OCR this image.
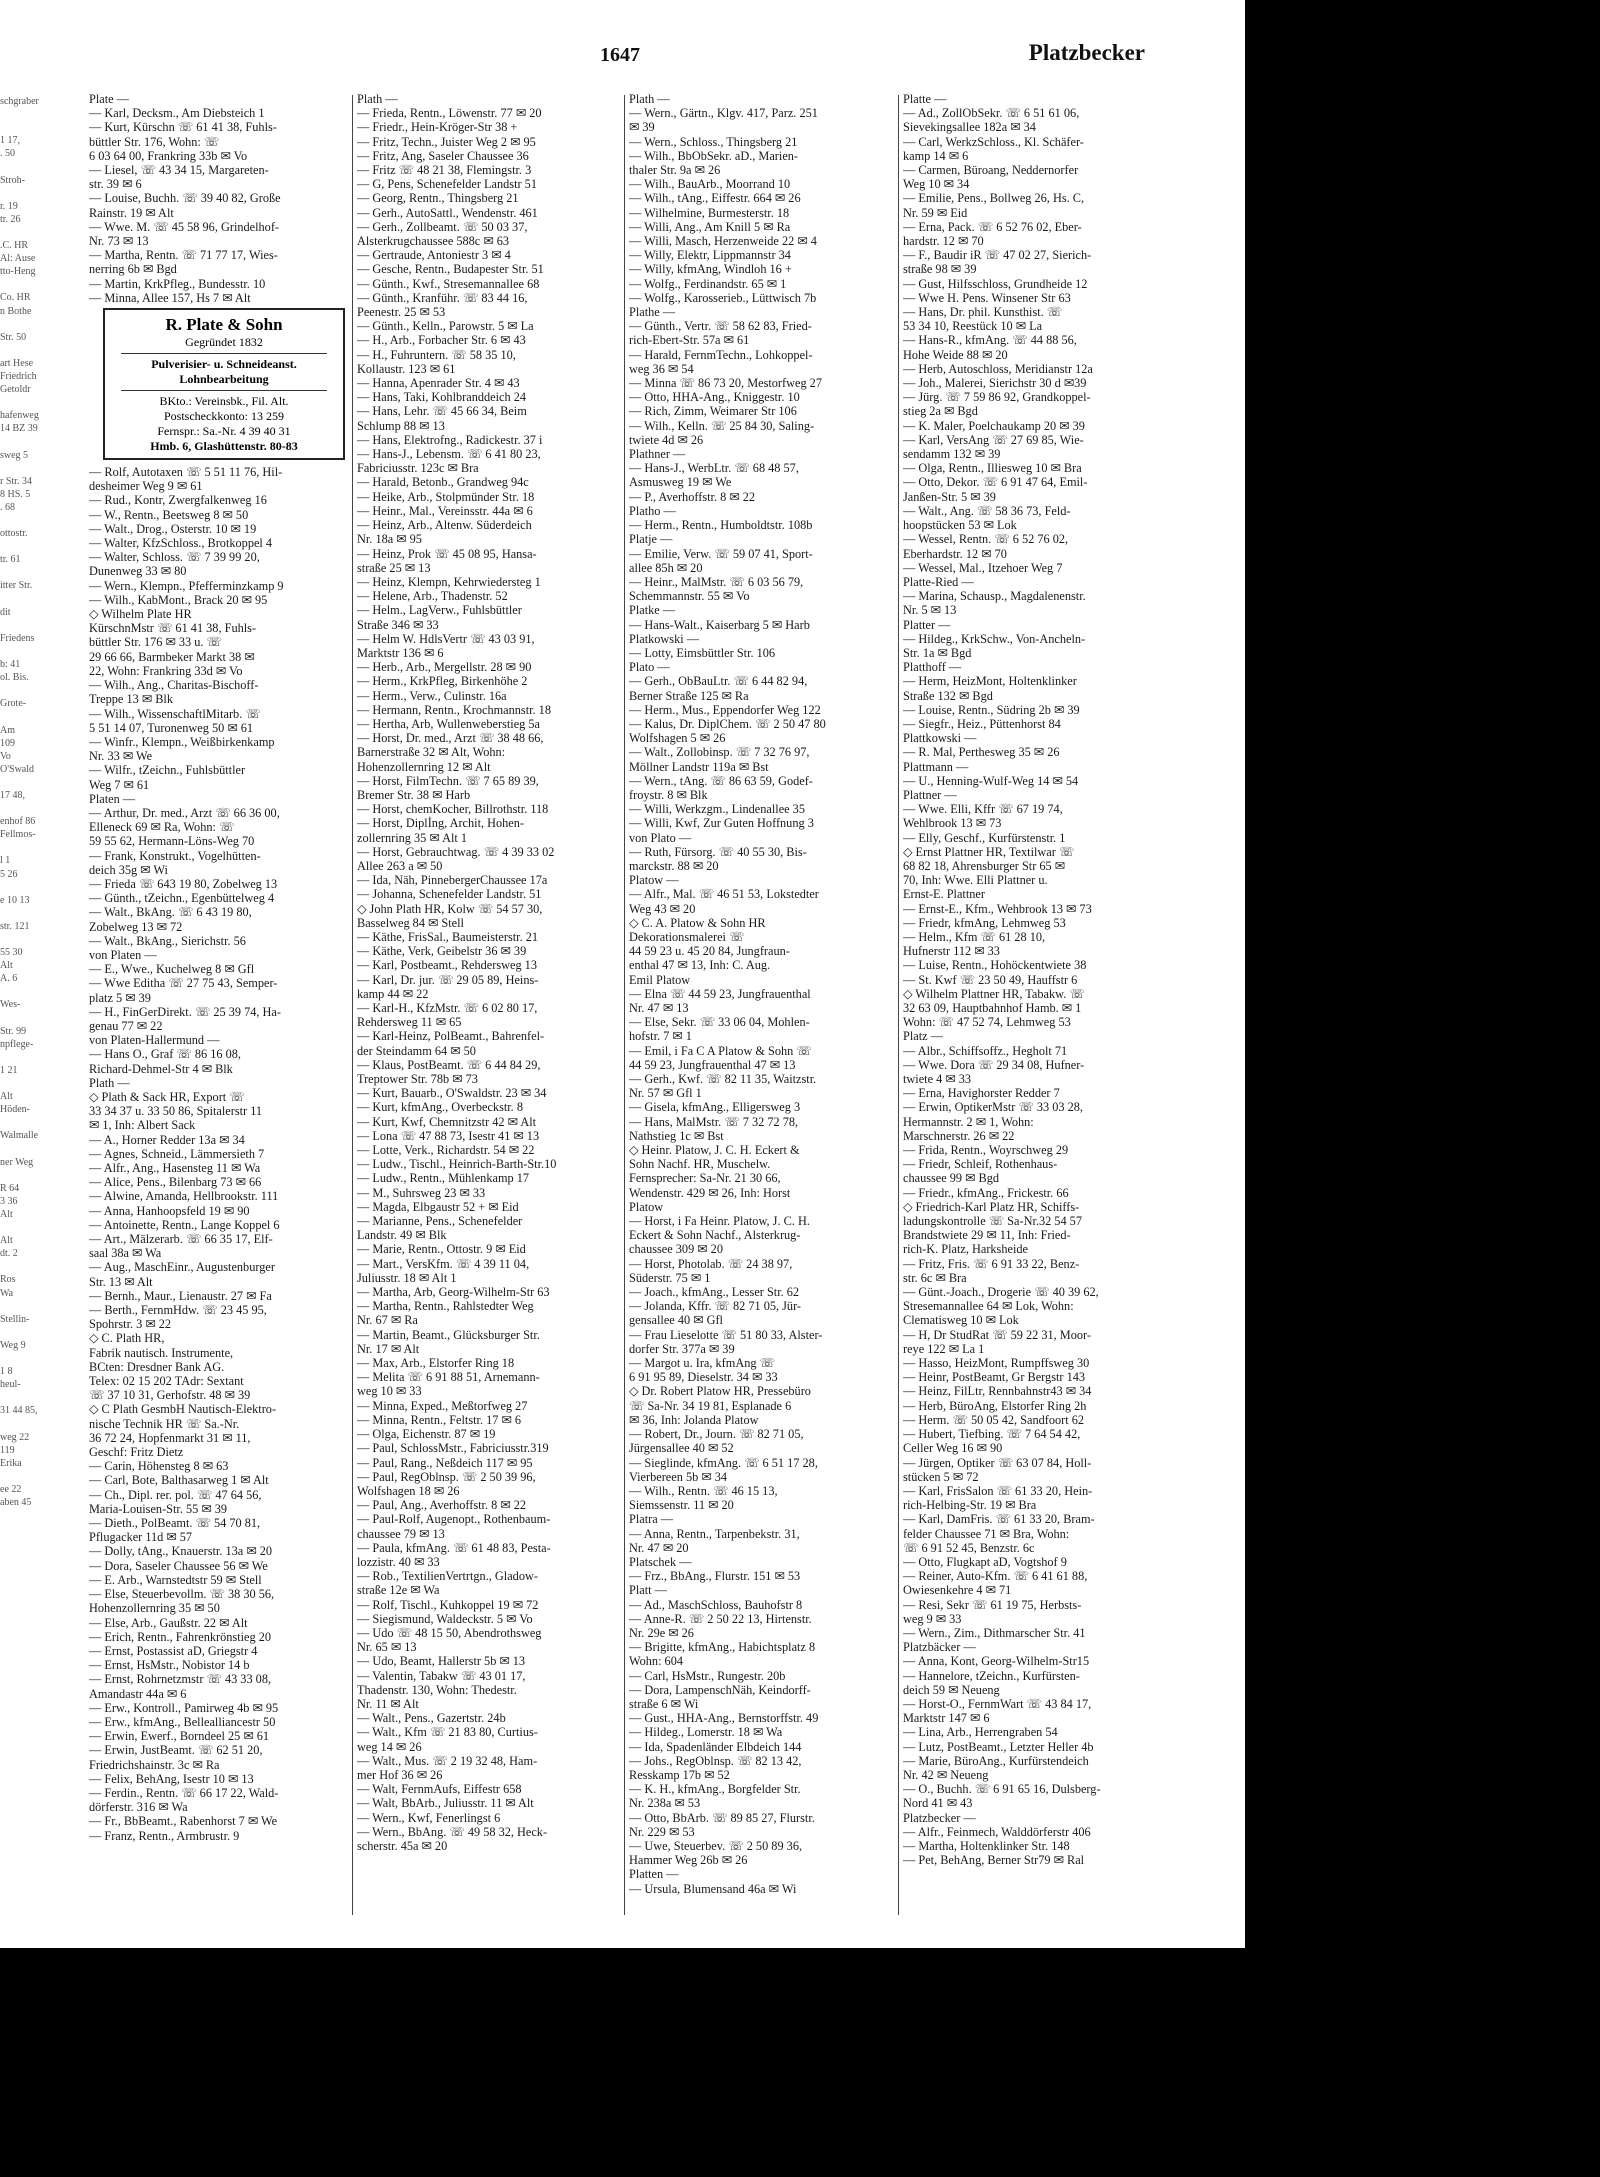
1647	Platzbecker
schgraber

1 17,
. 50

Stroh-

r. 19
tr. 26

.C. HR
Al: Ause
tto-Heng

Co. HR
n Bothe

Str. 50

art Hese
Friedrich
Getoldr

hafenweg
14 BZ 39

sweg 5

r Str. 34
8 HS. 5
. 68

ottostr.

tr. 61

itter Str.

dit

Friedens

b: 41
ol. Bis.

Grote-

Am
109
Vo
O'Swald

17 48,

enhof 86
Fellmos-

l 1
5 26

e 10 13

str. 121

55 30
Alt
A. 6

Wes-

Str. 99
npflege-

1 21

Alt
Höden-

Walmalle

ner Weg

R 64
3 36
Alt

Alt
dt. 2

Ros
Wa

Stellin-

Weg 9

1 8
heul-

31 44 85,

weg 22
119
Erika

ee 22
aben 45
Plate —
— Karl, Decksm., Am Diebsteich 1
— Kurt, Kürschn ☏ 61 41 38, Fuhls-
büttler Str. 176, Wohn: ☏
6 03 64 00, Frankring 33b ✉ Vo
— Liesel, ☏ 43 34 15, Margareten-
str. 39 ✉ 6
— Louise, Buchh. ☏ 39 40 82, Große
Rainstr. 19 ✉ Alt
— Wwe. M. ☏ 45 58 96, Grindelhof-
Nr. 73 ✉ 13
— Martha, Rentn. ☏ 71 77 17, Wies-
nerring 6b ✉ Bgd
— Martin, KrkPfleg., Bundesstr. 10
— Minna, Allee 157, Hs 7 ✉ Alt
R. Plate & Sohn
Gegründet 1832
Pulverisier- u. Schneideanst.
Lohnbearbeitung
BKto.: Vereinsbk., Fil. Alt.
Postscheckkonto: 13 259
Fernspr.: Sa.-Nr. 4 39 40 31
Hmb. 6, Glashüttenstr. 80-83
— Rolf, Autotaxen ☏ 5 51 11 76, Hil-
desheimer Weg 9 ✉ 61
— Rud., Kontr, Zwergfalkenweg 16
— W., Rentn., Beetsweg 8 ✉ 50
— Walt., Drog., Osterstr. 10 ✉ 19
— Walter, KfzSchloss., Brotkoppel 4
— Walter, Schloss. ☏ 7 39 99 20,
Dunenweg 33 ✉ 80
— Wern., Klempn., Pfefferminzkamp 9
— Wilh., KabMont., Brack 20 ✉ 95
◇ Wilhelm Plate HR
KürschnMstr ☏ 61 41 38, Fuhls-
büttler Str. 176 ✉ 33 u. ☏
29 66 66, Barmbeker Markt 38 ✉
22, Wohn: Frankring 33d ✉ Vo
— Wilh., Ang., Charitas-Bischoff-
Treppe 13 ✉ Blk
— Wilh., WissenschaftlMitarb. ☏
5 51 14 07, Turonenweg 50 ✉ 61
— Winfr., Klempn., Weißbirkenkamp
Nr. 33 ✉ We
— Wilfr., tZeichn., Fuhlsbüttler
Weg 7 ✉ 61
Platen —
— Arthur, Dr. med., Arzt ☏ 66 36 00,
Elleneck 69 ✉ Ra, Wohn: ☏
59 55 62, Hermann-Löns-Weg 70
— Frank, Konstrukt., Vogelhütten-
deich 35g ✉ Wi
— Frieda ☏ 643 19 80, Zobelweg 13
— Günth., tZeichn., Egenbüttelweg 4
— Walt., BkAng. ☏ 6 43 19 80,
Zobelweg 13 ✉ 72
— Walt., BkAng., Sierichstr. 56
von Platen —
— E., Wwe., Kuchelweg 8 ✉ Gfl
— Wwe Editha ☏ 27 75 43, Semper-
platz 5 ✉ 39
— H., FinGerDirekt. ☏ 25 39 74, Ha-
genau 77 ✉ 22
von Platen-Hallermund —
— Hans O., Graf ☏ 86 16 08,
Richard-Dehmel-Str 4 ✉ Blk
Plath —
◇ Plath & Sack HR, Export ☏
33 34 37 u. 33 50 86, Spitalerstr 11
✉ 1, Inh: Albert Sack
— A., Horner Redder 13a ✉ 34
— Agnes, Schneid., Lämmersieth 7
— Alfr., Ang., Hasensteg 11 ✉ Wa
— Alice, Pens., Bilenbarg 73 ✉ 66
— Alwine, Amanda, Hellbrookstr. 111
— Anna, Hanhoopsfeld 19 ✉ 90
— Antoinette, Rentn., Lange Koppel 6
— Art., Mälzerarb. ☏ 66 35 17, Elf-
saal 38a ✉ Wa
— Aug., MaschEinr., Augustenburger
Str. 13 ✉ Alt
— Bernh., Maur., Lienaustr. 27 ✉ Fa
— Berth., FernmHdw. ☏ 23 45 95,
Spohrstr. 3 ✉ 22
◇ C. Plath HR,
Fabrik nautisch. Instrumente,
BCten: Dresdner Bank AG.
Telex: 02 15 202 TAdr: Sextant
☏ 37 10 31, Gerhofstr. 48 ✉ 39
◇ C Plath GesmbH Nautisch-Elektro-
nische Technik HR ☏ Sa.-Nr.
36 72 24, Hopfenmarkt 31 ✉ 11,
Geschf: Fritz Dietz
— Carin, Höhensteg 8 ✉ 63
— Carl, Bote, Balthasarweg 1 ✉ Alt
— Ch., Dipl. rer. pol. ☏ 47 64 56,
Maria-Louisen-Str. 55 ✉ 39
— Dieth., PolBeamt. ☏ 54 70 81,
Pflugacker 11d ✉ 57
— Dolly, tAng., Knauerstr. 13a ✉ 20
— Dora, Saseler Chaussee 56 ✉ We
— E. Arb., Warnstedtstr 59 ✉ Stell
— Else, Steuerbevollm. ☏ 38 30 56,
Hohenzollernring 35 ✉ 50
— Else, Arb., Gaußstr. 22 ✉ Alt
— Erich, Rentn., Fahrenkrönstieg 20
— Ernst, Postassist aD, Griegstr 4
— Ernst, HsMstr., Nobistor 14 b
— Ernst, Rohrnetzmstr ☏ 43 33 08,
Amandastr 44a ✉ 6
— Erw., Kontroll., Pamirweg 4b ✉ 95
— Erw., kfmAng., Bellealliancestr 50
— Erwin, Ewerf., Borndeel 25 ✉ 61
— Erwin, JustBeamt. ☏ 62 51 20,
Friedrichshainstr. 3c ✉ Ra
— Felix, BehAng, Isestr 10 ✉ 13
— Ferdin., Rentn. ☏ 66 17 22, Wald-
dörferstr. 316 ✉ Wa
— Fr., BbBeamt., Rabenhorst 7 ✉ We
— Franz, Rentn., Armbrustr. 9
Plath —
— Frieda, Rentn., Löwenstr. 77 ✉ 20
— Friedr., Hein-Kröger-Str 38 +
— Fritz, Techn., Juister Weg 2 ✉ 95
— Fritz, Ang, Saseler Chaussee 36
— Fritz ☏ 48 21 38, Flemingstr. 3
— G, Pens, Schenefelder Landstr 51
— Georg, Rentn., Thingsberg 21
— Gerh., AutoSattl., Wendenstr. 461
— Gerh., Zollbeamt. ☏ 50 03 37,
Alsterkrugchaussee 588c ✉ 63
— Gertraude, Antoniestr 3 ✉ 4
— Gesche, Rentn., Budapester Str. 51
— Günth., Kwf., Stresemannallee 68
— Günth., Kranführ. ☏ 83 44 16,
Peenestr. 25 ✉ 53
— Günth., Kelln., Parowstr. 5 ✉ La
— H., Arb., Forbacher Str. 6 ✉ 43
— H., Fuhruntern. ☏ 58 35 10,
Kollaustr. 123 ✉ 61
— Hanna, Apenrader Str. 4 ✉ 43
— Hans, Taki, Kohlbranddeich 24
— Hans, Lehr. ☏ 45 66 34, Beim
Schlump 88 ✉ 13
— Hans, Elektrofng., Radickestr. 37 i
— Hans-J., Lebensm. ☏ 6 41 80 23,
Fabriciusstr. 123c ✉ Bra
— Harald, Betonb., Grandweg 94c
— Heike, Arb., Stolpmünder Str. 18
— Heinr., Mal., Vereinsstr. 44a ✉ 6
— Heinz, Arb., Altenw. Süderdeich
Nr. 18a ✉ 95
— Heinz, Prok ☏ 45 08 95, Hansa-
straße 25 ✉ 13
— Heinz, Klempn, Kehrwiedersteg 1
— Helene, Arb., Thadenstr. 52
— Helm., LagVerw., Fuhlsbüttler
Straße 346 ✉ 33
— Helm W. HdlsVertr ☏ 43 03 91,
Marktstr 136 ✉ 6
— Herb., Arb., Mergellstr. 28 ✉ 90
— Herm., KrkPfleg, Birkenhöhe 2
— Herm., Verw., Culinstr. 16a
— Hermann, Rentn., Krochmannstr. 18
— Hertha, Arb, Wullenweberstieg 5a
— Horst, Dr. med., Arzt ☏ 38 48 66,
Barnerstraße 32 ✉ Alt, Wohn:
Hohenzollernring 12 ✉ Alt
— Horst, FilmTechn. ☏ 7 65 89 39,
Bremer Str. 38 ✉ Harb
— Horst, chemKocher, Billrothstr. 118
— Horst, Diplİng, Archit, Hohen-
zollernring 35 ✉ Alt 1
— Horst, Gebrauchtwag. ☏ 4 39 33 02
Allee 263 a ✉ 50
— Ida, Näh, PinnebergerChaussee 17a
— Johanna, Schenefelder Landstr. 51
◇ John Plath HR, Kolw ☏ 54 57 30,
Basselweg 84 ✉ Stell
— Käthe, FrisSal., Baumeisterstr. 21
— Käthe, Verk, Geibelstr 36 ✉ 39
— Karl, Postbeamt., Rehdersweg 13
— Karl, Dr. jur. ☏ 29 05 89, Heins-
kamp 44 ✉ 22
— Karl-H., KfzMstr. ☏ 6 02 80 17,
Rehdersweg 11 ✉ 65
— Karl-Heinz, PolBeamt., Bahrenfel-
der Steindamm 64 ✉ 50
— Klaus, PostBeamt. ☏ 6 44 84 29,
Treptower Str. 78b ✉ 73
— Kurt, Bauarb., O'Swaldstr. 23 ✉ 34
— Kurt, kfmAng., Overbeckstr. 8
— Kurt, Kwf, Chemnitzstr 42 ✉ Alt
— Lona ☏ 47 88 73, Isestr 41 ✉ 13
— Lotte, Verk., Richardstr. 54 ✉ 22
— Ludw., Tischl., Heinrich-Barth-Str.10
— Ludw., Rentn., Mühlenkamp 17
— M., Suhrsweg 23 ✉ 33
— Magda, Elbgaustr 52 + ✉ Eid
— Marianne, Pens., Schenefelder
Landstr. 49 ✉ Blk
— Marie, Rentn., Ottostr. 9 ✉ Eid
— Mart., VersKfm. ☏ 4 39 11 04,
Juliusstr. 18 ✉ Alt 1
— Martha, Arb, Georg-Wilhelm-Str 63
— Martha, Rentn., Rahlstedter Weg
Nr. 67 ✉ Ra
— Martin, Beamt., Glücksburger Str.
Nr. 17 ✉ Alt
— Max, Arb., Elstorfer Ring 18
— Melita ☏ 6 91 88 51, Arnemann-
weg 10 ✉ 33
— Minna, Exped., Meßtorfweg 27
— Minna, Rentn., Feltstr. 17 ✉ 6
— Olga, Eichenstr. 87 ✉ 19
— Paul, SchlossMstr., Fabriciusstr.319
— Paul, Rang., Neßdeich 117 ✉ 95
— Paul, RegOblnsp. ☏ 2 50 39 96,
Wolfshagen 18 ✉ 26
— Paul, Ang., Averhoffstr. 8 ✉ 22
— Paul-Rolf, Augenopt., Rothenbaum-
chaussee 79 ✉ 13
— Paula, kfmAng. ☏ 61 48 83, Pesta-
lozzistr. 40 ✉ 33
— Rob., TextilienVertrtgn., Gladow-
straße 12e ✉ Wa
— Rolf, Tischl., Kuhkoppel 19 ✉ 72
— Siegismund, Waldeckstr. 5 ✉ Vo
— Udo ☏ 48 15 50, Abendrothsweg
Nr. 65 ✉ 13
— Udo, Beamt, Hallerstr 5b ✉ 13
— Valentin, Tabakw ☏ 43 01 17,
Thadenstr. 130, Wohn: Thedestr.
Nr. 11 ✉ Alt
— Walt., Pens., Gazertstr. 24b
— Walt., Kfm ☏ 21 83 80, Curtius-
weg 14 ✉ 26
— Walt., Mus. ☏ 2 19 32 48, Ham-
mer Hof 36 ✉ 26
— Walt, FernmAufs, Eiffestr 658
— Walt, BbArb., Juliusstr. 11 ✉ Alt
— Wern., Kwf, Fenerlingst 6
— Wern., BbAng. ☏ 49 58 32, Heck-
scherstr. 45a ✉ 20
Plath —
— Wern., Gärtn., Klgv. 417, Parz. 251
✉ 39
— Wern., Schloss., Thingsberg 21
— Wilh., BbObSekr. aD., Marien-
thaler Str. 9a ✉ 26
— Wilh., BauArb., Moorrand 10
— Wilh., tAng., Eiffestr. 664 ✉ 26
— Wilhelmine, Burmesterstr. 18
— Willi, Ang., Am Knill 5 ✉ Ra
— Willi, Masch, Herzenweide 22 ✉ 4
— Willy, Elektr, Lippmannstr 34
— Willy, kfmAng, Windloh 16 +
— Wolfg., Ferdinandstr. 65 ✉ 1
— Wolfg., Karosseriеb., Lüttwisch 7b
Plathe —
— Günth., Vertr. ☏ 58 62 83, Fried-
rich-Ebert-Str. 57a ✉ 61
— Harald, FernmTechn., Lohkoppel-
weg 36 ✉ 54
— Minna ☏ 86 73 20, Mestorfweg 27
— Otto, HHA-Ang., Kniggestr. 10
— Rich, Zimm, Weimarer Str 106
— Wilh., Kelln. ☏ 25 84 30, Saling-
twiete 4d ✉ 26
Plathner —
— Hans-J., WerbLtr. ☏ 68 48 57,
Asmusweg 19 ✉ We
— P., Averhoffstr. 8 ✉ 22
Platho —
— Herm., Rentn., Humboldtstr. 108b
Platje —
— Emilie, Verw. ☏ 59 07 41, Sport-
allee 85h ✉ 20
— Heinr., MalMstr. ☏ 6 03 56 79,
Schemmannstr. 55 ✉ Vo
Platke —
— Hans-Walt., Kaiserbarg 5 ✉ Harb
Platkowski —
— Lotty, Eimsbüttler Str. 106
Plato —
— Gerh., ObBauLtr. ☏ 6 44 82 94,
Berner Straße 125 ✉ Ra
— Herm., Mus., Eppendorfer Weg 122
— Kalus, Dr. DiplChem. ☏ 2 50 47 80
Wolfshagen 5 ✉ 26
— Walt., Zollobinsp. ☏ 7 32 76 97,
Möllner Landstr 119a ✉ Bst
— Wern., tAng. ☏ 86 63 59, Godef-
froystr. 8 ✉ Blk
— Willi, Werkzgm., Lindenallee 35
— Willi, Kwf, Zur Guten Hoffnung 3
von Plato —
— Ruth, Fürsorg. ☏ 40 55 30, Bis-
marckstr. 88 ✉ 20
Platow —
— Alfr., Mal. ☏ 46 51 53, Lokstedter
Weg 43 ✉ 20
◇ C. A. Platow & Sohn HR
Dekorationsmalerei ☏
44 59 23 u. 45 20 84, Jungfraun-
enthal 47 ✉ 13, Inh: C. Aug.
Emil Platow
— Elna ☏ 44 59 23, Jungfrauenthal
Nr. 47 ✉ 13
— Else, Sekr. ☏ 33 06 04, Mohlen-
hofstr. 7 ✉ 1
— Emil, i Fa C A Platow & Sohn ☏
44 59 23, Jungfrauenthal 47 ✉ 13
— Gerh., Kwf. ☏ 82 11 35, Waitzstr.
Nr. 57 ✉ Gfl 1
— Gisela, kfmAng., Elligersweg 3
— Hans, MalMstr. ☏ 7 32 72 78,
Nathstieg 1c ✉ Bst
◇ Heinr. Platow, J. C. H. Eckert &
Sohn Nachf. HR, Muschelw.
Fernsprecher: Sa-Nr. 21 30 66,
Wendenstr. 429 ✉ 26, Inh: Horst
Platow
— Horst, i Fa Heinr. Platow, J. C. H.
Eckert & Sohn Nachf., Alsterkrug-
chaussee 309 ✉ 20
— Horst, Photolab. ☏ 24 38 97,
Süderstr. 75 ✉ 1
— Joach., kfmAng., Lesser Str. 62
— Jolanda, Kffr. ☏ 82 71 05, Jür-
gensallee 40 ✉ Gfl
— Frau Lieselotte ☏ 51 80 33, Alster-
dorfer Str. 377a ✉ 39
— Margot u. Ira, kfmAng ☏
6 91 95 89, Dieselstr. 34 ✉ 33
◇ Dr. Robert Platow HR, Pressebüro
☏ Sa-Nr. 34 19 81, Esplanade 6
✉ 36, Inh: Jolanda Platow
— Robert, Dr., Journ. ☏ 82 71 05,
Jürgensallee 40 ✉ 52
— Sieglinde, kfmAng. ☏ 6 51 17 28,
Vierbereen 5b ✉ 34
— Wilh., Rentn. ☏ 46 15 13,
Siemssenstr. 11 ✉ 20
Platra —
— Anna, Rentn., Tarpenbekstr. 31,
Nr. 47 ✉ 20
Platschek —
— Frz., BbAng., Flurstr. 151 ✉ 53
Platt —
— Ad., MaschSchloss, Bauhofstr 8
— Anne-R. ☏ 2 50 22 13, Hirtenstr.
Nr. 29e ✉ 26
— Brigitte, kfmAng., Habichtsplatz 8
Wohn: 604
— Carl, HsMstr., Rungestr. 20b
— Dora, LampenschNäh, Keindorff-
straße 6 ✉ Wi
— Gust., HHA-Ang., Bernstorffstr. 49
— Hildeg., Lomerstr. 18 ✉ Wa
— Ida, Spadenländer Elbdeich 144
— Johs., RegOblnsp. ☏ 82 13 42,
Resskamp 17b ✉ 52
— K. H., kfmAng., Borgfelder Str.
Nr. 238a ✉ 53
— Otto, BbArb. ☏ 89 85 27, Flurstr.
Nr. 229 ✉ 53
— Uwe, Steuerbev. ☏ 2 50 89 36,
Hammer Weg 26b ✉ 26
Platten —
— Ursula, Blumensand 46a ✉ Wi
Platte —
— Ad., ZollObSekr. ☏ 6 51 61 06,
Sievekingsallee 182a ✉ 34
— Carl, WerkzSchloss., Kl. Schäfer-
kamp 14 ✉ 6
— Carmen, Büroang, Neddernorfer
Weg 10 ✉ 34
— Emilie, Pens., Bollweg 26, Hs. C,
Nr. 59 ✉ Eid
— Erna, Pack. ☏ 6 52 76 02, Eber-
hardstr. 12 ✉ 70
— F., Baudir iR ☏ 47 02 27, Sierich-
straße 98 ✉ 39
— Gust, Hilfsschloss, Grundheide 12
— Wwe H. Pens. Winsener Str 63
— Hans, Dr. phil. Kunsthist. ☏
53 34 10, Reestück 10 ✉ La
— Hans-R., kfmAng. ☏ 44 88 56,
Hohe Weide 88 ✉ 20
— Herb, Autoschloss, Meridianstr 12a
— Joh., Malerei, Sierichstr 30 d ✉39
— Jürg. ☏ 7 59 86 92, Grandkoppel-
stieg 2a ✉ Bgd
— K. Maler, Poelchaukamp 20 ✉ 39
— Karl, VersAng ☏ 27 69 85, Wie-
sendamm 132 ✉ 39
— Olga, Rentn., Illiesweg 10 ✉ Bra
— Otto, Dekor. ☏ 6 91 47 64, Emil-
Janßen-Str. 5 ✉ 39
— Walt., Ang. ☏ 58 36 73, Feld-
hoopstücken 53 ✉ Lok
— Wessel, Rentn. ☏ 6 52 76 02,
Eberhardstr. 12 ✉ 70
— Wessel, Mal., Itzehoer Weg 7
Platte-Ried —
— Marina, Schausp., Magdalenenstr.
Nr. 5 ✉ 13
Platter —
— Hildeg., KrkSchw., Von-Ancheln-
Str. 1a ✉ Bgd
Platthoff —
— Herm, HeizMont, Holtenklinker
Straße 132 ✉ Bgd
— Louise, Rentn., Südring 2b ✉ 39
— Siegfr., Heiz., Püttenhorst 84
Plattkowski —
— R. Mal, Perthesweg 35 ✉ 26
Plattmann —
— U., Henning-Wulf-Weg 14 ✉ 54
Plattner —
— Wwe. Elli, Kffr ☏ 67 19 74,
Wehlbrook 13 ✉ 73
— Elly, Geschf., Kurfürstenstr. 1
◇ Ernst Plattner HR, Textilwar ☏
68 82 18, Ahrensburger Str 65 ✉
70, Inh: Wwe. Elli Plattner u.
Ernst-E. Plattner
— Ernst-E., Kfm., Wehbrook 13 ✉ 73
— Friedr, kfmAng, Lehmweg 53
— Helm., Kfm ☏ 61 28 10,
Hufnerstr 112 ✉ 33
— Luise, Rentn., Hohöckentwiete 38
— St. Kwf ☏ 23 50 49, Hauffstr 6
◇ Wilhelm Plattner HR, Tabakw. ☏
32 63 09, Hauptbahnhof Hamb. ✉ 1
Wohn: ☏ 47 52 74, Lehmweg 53
Platz —
— Albr., Schiffsoffz., Hegholt 71
— Wwe. Dora ☏ 29 34 08, Hufner-
twiete 4 ✉ 33
— Erna, Havighorster Redder 7
— Erwin, OptikerMstr ☏ 33 03 28,
Hermannstr. 2 ✉ 1, Wohn:
Marschnerstr. 26 ✉ 22
— Frida, Rentn., Woyrschweg 29
— Friedr, Schleif, Rothenhaus-
chaussee 99 ✉ Bgd
— Friedr., kfmAng., Frickestr. 66
◇ Friedrich-Karl Platz HR, Schiffs-
ladungskontrolle ☏ Sa-Nr.32 54 57
Brandstwiete 29 ✉ 11, Inh: Fried-
rich-K. Platz, Harksheide
— Fritz, Fris. ☏ 6 91 33 22, Benz-
str. 6c ✉ Bra
— Günt.-Joach., Drogerie ☏ 40 39 62,
Stresemannallee 64 ✉ Lok, Wohn:
Clematisweg 10 ✉ Lok
— H, Dr StudRat ☏ 59 22 31, Moor-
reye 122 ✉ La 1
— Hasso, HeizMont, Rumpffsweg 30
— Heinr, PostBeamt, Gr Bergstr 143
— Heinz, FilLtr, Rennbahnstr43 ✉ 34
— Herb, BüroAng, Elstorfer Ring 2h
— Herm. ☏ 50 05 42, Sandfoort 62
— Hubert, Tiefbing. ☏ 7 64 54 42,
Celler Weg 16 ✉ 90
— Jürgen, Optiker ☏ 63 07 84, Holl-
stücken 5 ✉ 72
— Karl, FrisSalon ☏ 61 33 20, Hein-
rich-Helbing-Str. 19 ✉ Bra
— Karl, DamFris. ☏ 61 33 20, Bram-
felder Chaussee 71 ✉ Bra, Wohn:
☏ 6 91 52 45, Benzstr. 6c
— Otto, Flugkapt aD, Vogtshof 9
— Reiner, Auto-Kfm. ☏ 6 41 61 88,
Owiesenkehre 4 ✉ 71
— Resi, Sekr ☏ 61 19 75, Herbsts-
weg 9 ✉ 33
— Wern., Zim., Dithmarscher Str. 41
Platzbäcker —
— Anna, Kont, Georg-Wilhelm-Str15
— Hannelore, tZeichn., Kurfürsten-
deich 59 ✉ Neueng
— Horst-O., FernmWart ☏ 43 84 17,
Marktstr 147 ✉ 6
— Lina, Arb., Herrengraben 54
— Lutz, PostBeamt., Letzter Heller 4b
— Marie, BüroAng., Kurfürstendeich
Nr. 42 ✉ Neueng
— O., Buchh. ☏ 6 91 65 16, Dulsberg-
Nord 41 ✉ 43
Platzbecker —
— Alfr., Feinmech, Walddörferstr 406
— Martha, Holtenklinker Str. 148
— Pet, BehAng, Berner Str79 ✉ Ral
